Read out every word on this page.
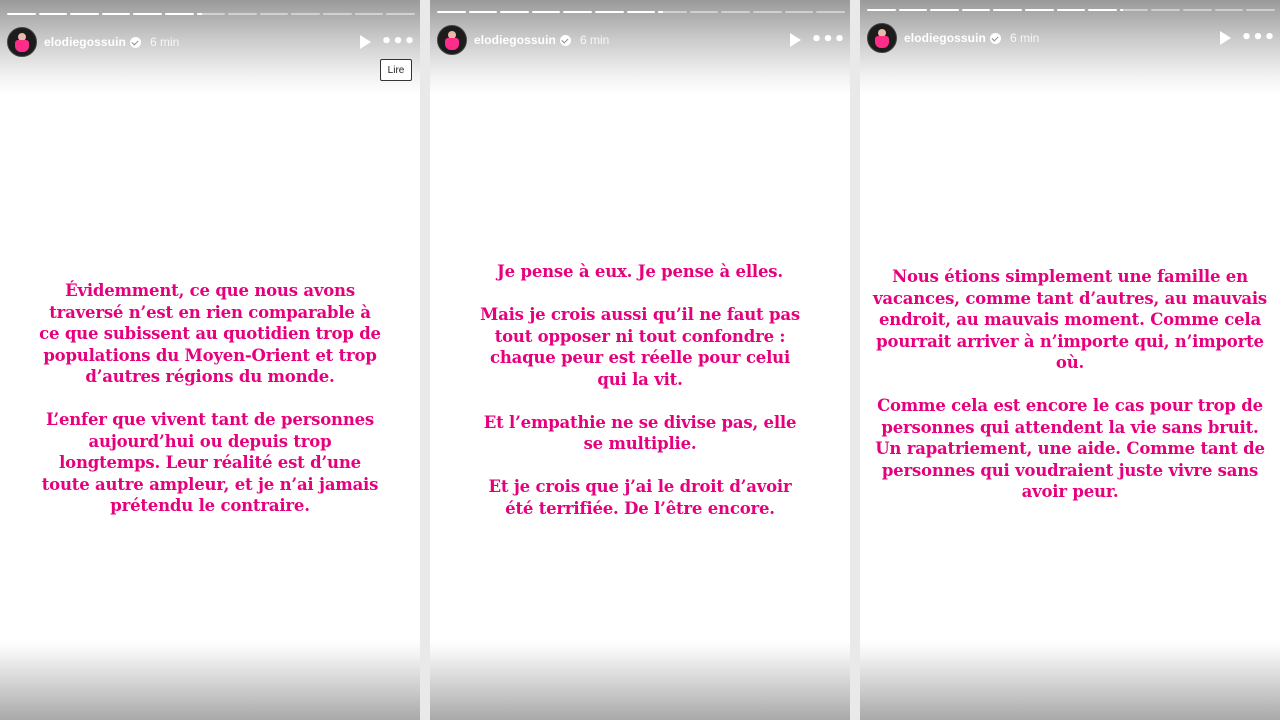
elodiegossuin 6 min	•••
Lire

Évidemment, ce que nous avons traversé n’est en rien comparable à ce que subissent au quotidien trop de populations du Moyen-Orient et trop d’autres régions du monde.

L’enfer que vivent tant de personnes aujourd’hui ou depuis trop longtemps. Leur réalité est d’une toute autre ampleur, et je n’ai jamais prétendu le contraire.

elodiegossuin 6 min	•••

Je pense à eux. Je pense à elles.

Mais je crois aussi qu’il ne faut pas tout opposer ni tout confondre : chaque peur est réelle pour celui qui la vit.

Et l’empathie ne se divise pas, elle se multiplie.

Et je crois que j’ai le droit d’avoir été terrifiée. De l’être encore.

elodiegossuin 6 min	•••

Nous étions simplement une famille en vacances, comme tant d’autres, au mauvais endroit, au mauvais moment. Comme cela pourrait arriver à n’importe qui, n’importe où.

Comme cela est encore le cas pour trop de personnes qui attendent la vie sans bruit. Un rapatriement, une aide. Comme tant de personnes qui voudraient juste vivre sans avoir peur.
